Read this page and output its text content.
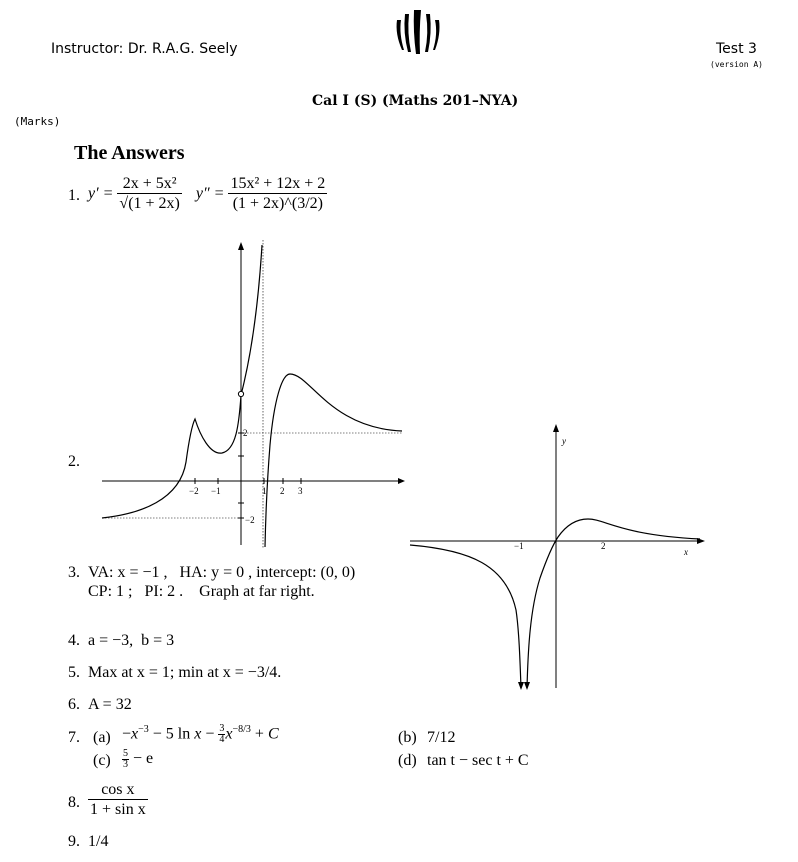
Instructor: Dr. R.A.G. Seely	Test 3
(version A)
Cal I (S) (Maths 201–NYA)
(Marks)
The Answers
1. $y' = \frac{\text{2x + 5x²}}{√(1 + 2x)} y'' = \frac{\text{15x² + 12x + 2}}{(1 + 2x)\^{}(3/2)}$
2.
−2 −1	1 2 3
2
−2
y
x
−1	2
3. VA: x = −1 ,   HA: y = 0 , intercept: (0, 0)
CP: 1 ;   PI: 2 .    Graph at far right.
4. a = −3,  b = 3
5. Max at x = 1; min at x = −3/4.
6. A = 32
7. $(a) -x^{-3} - 5$ $\ln x - \frac{3}{4} x^{-8/3} + C$	(b) 7/12
$(c) \frac{5}{3} - e$	(d) tan t − sec t + C
8. $\frac{\text{cos x}}{\text{1 + sin x}}$
9. 1/4
